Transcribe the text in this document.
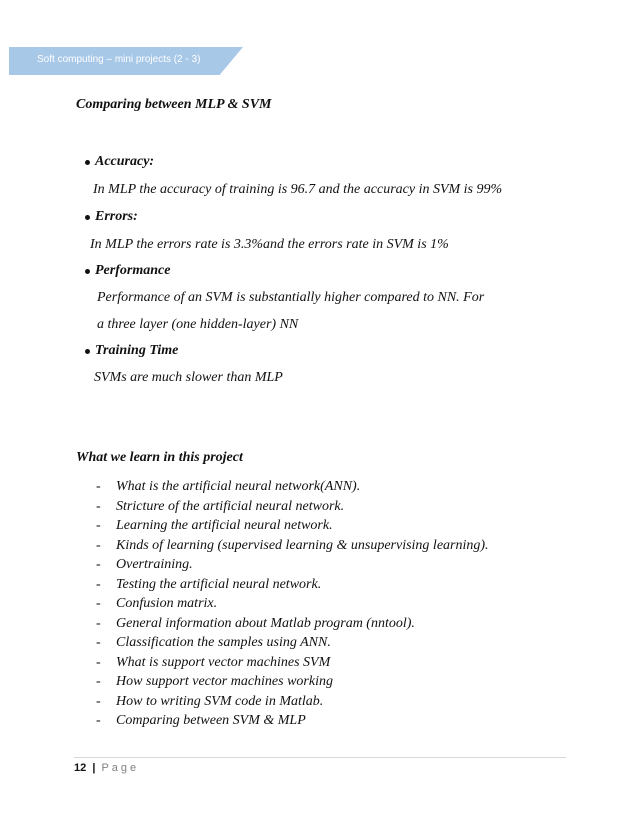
Soft computing – mini projects (2 - 3)
Comparing between MLP & SVM
Accuracy:
In MLP the accuracy of training is 96.7 and the accuracy in SVM is 99%
Errors:
In MLP the errors rate is 3.3%and the errors rate in SVM is 1%
Performance
Performance of an SVM is substantially higher compared to NN. For
a three layer (one hidden-layer) NN
Training Time
SVMs are much slower than MLP
What we learn in this project
- What is the artificial neural network(ANN).
- Stricture of the artificial neural network.
- Learning the artificial neural network.
- Kinds of learning (supervised learning & unsupervising learning).
- Overtraining.
- Testing the artificial neural network.
- Confusion matrix.
- General information about Matlab program (nntool).
- Classification the samples using ANN.
- What is support vector machines SVM
- How support vector machines working
- How to writing SVM code in Matlab.
- Comparing between SVM & MLP
12 | Page
